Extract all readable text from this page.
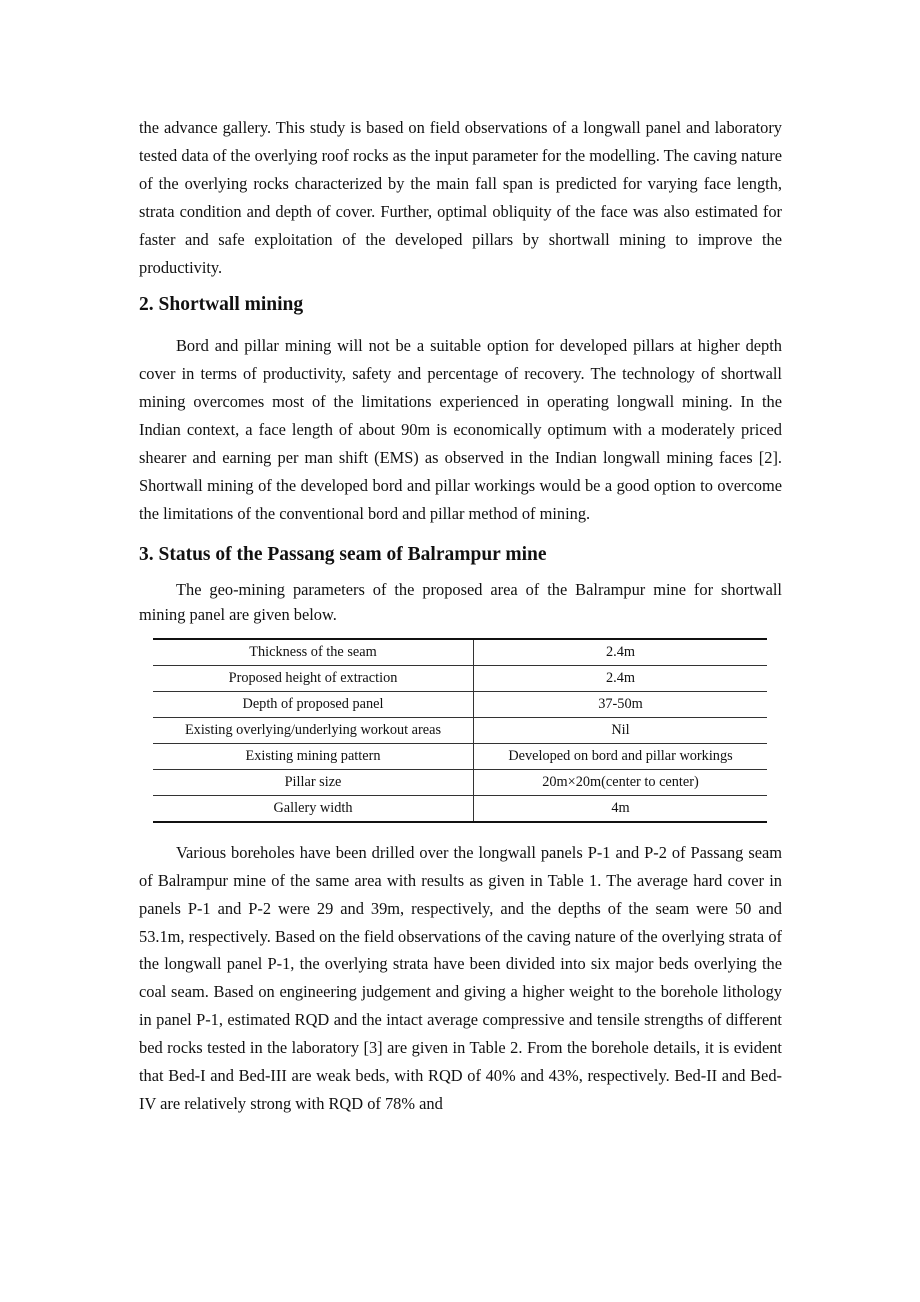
the advance gallery. This study is based on field observations of a longwall panel and laboratory tested data of the overlying roof rocks as the input parameter for the modelling. The caving nature of the overlying rocks characterized by the main fall span is predicted for varying face length, strata condition and depth of cover. Further, optimal obliquity of the face was also estimated for faster and safe exploitation of the developed pillars by shortwall mining to improve the productivity.

2. Shortwall mining

Bord and pillar mining will not be a suitable option for developed pillars at higher depth cover in terms of productivity, safety and percentage of recovery. The technology of shortwall mining overcomes most of the limitations experienced in operating longwall mining. In the Indian context, a face length of about 90m is economically optimum with a moderately priced shearer and earning per man shift (EMS) as observed in the Indian longwall mining faces [2]. Shortwall mining of the developed bord and pillar workings would be a good option to overcome the limitations of the conventional bord and pillar method of mining.

3. Status of the Passang seam of Balrampur mine

The geo-mining parameters of the proposed area of the Balrampur mine for shortwall mining panel are given below.

Thickness of the seam	2.4m
Proposed height of extraction	2.4m
Depth of proposed panel	37-50m
Existing overlying/underlying workout areas	Nil
Existing mining pattern	Developed on bord and pillar workings
Pillar size	20m×20m(center to center)
Gallery width	4m

Various boreholes have been drilled over the longwall panels P-1 and P-2 of Passang seam of Balrampur mine of the same area with results as given in Table 1. The average hard cover in panels P-1 and P-2 were 29 and 39m, respectively, and the depths of the seam were 50 and 53.1m, respectively. Based on the field observations of the caving nature of the overlying strata of the longwall panel P-1, the overlying strata have been divided into six major beds overlying the coal seam. Based on engineering judgement and giving a higher weight to the borehole lithology in panel P-1, estimated RQD and the intact average compressive and tensile strengths of different bed rocks tested in the laboratory [3] are given in Table 2. From the borehole details, it is evident that Bed-I and Bed-III are weak beds, with RQD of 40% and 43%, respectively. Bed-II and Bed-IV are relatively strong with RQD of 78% and
